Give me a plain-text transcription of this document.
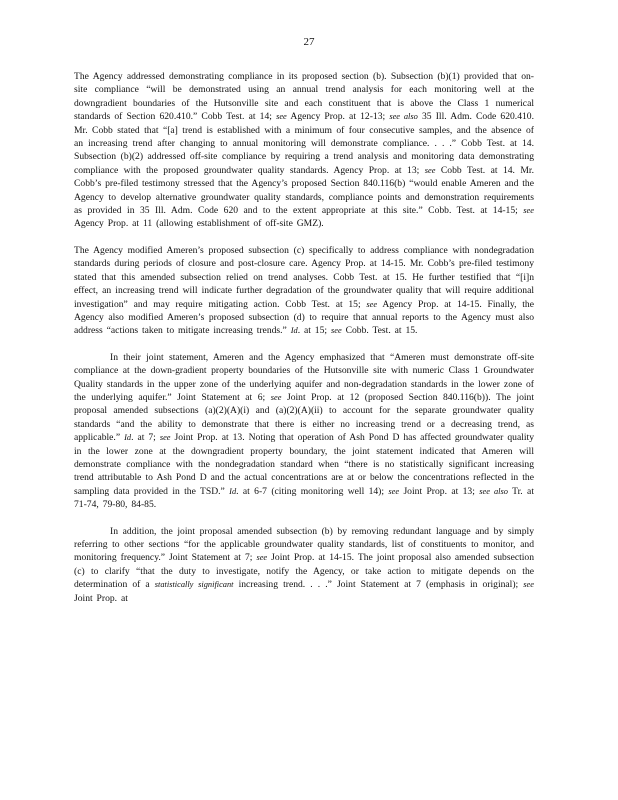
27

The Agency addressed demonstrating compliance in its proposed section (b). Subsection (b)(1) provided that on-site compliance “will be demonstrated using an annual trend analysis for each monitoring well at the downgradient boundaries of the Hutsonville site and each constituent that is above the Class 1 numerical standards of Section 620.410.” Cobb Test. at 14; see Agency Prop. at 12-13; see also 35 Ill. Adm. Code 620.410. Mr. Cobb stated that “[a] trend is established with a minimum of four consecutive samples, and the absence of an increasing trend after changing to annual monitoring will demonstrate compliance. . . .” Cobb Test. at 14. Subsection (b)(2) addressed off-site compliance by requiring a trend analysis and monitoring data demonstrating compliance with the proposed groundwater quality standards. Agency Prop. at 13; see Cobb Test. at 14. Mr. Cobb’s pre-filed testimony stressed that the Agency’s proposed Section 840.116(b) “would enable Ameren and the Agency to develop alternative groundwater quality standards, compliance points and demonstration requirements as provided in 35 Ill. Adm. Code 620 and to the extent appropriate at this site.” Cobb. Test. at 14-15; see Agency Prop. at 11 (allowing establishment of off-site GMZ).

The Agency modified Ameren’s proposed subsection (c) specifically to address compliance with nondegradation standards during periods of closure and post-closure care. Agency Prop. at 14-15. Mr. Cobb’s pre-filed testimony stated that this amended subsection relied on trend analyses. Cobb Test. at 15. He further testified that “[i]n effect, an increasing trend will indicate further degradation of the groundwater quality that will require additional investigation” and may require mitigating action. Cobb Test. at 15; see Agency Prop. at 14-15. Finally, the Agency also modified Ameren’s proposed subsection (d) to require that annual reports to the Agency must also address “actions taken to mitigate increasing trends.” Id. at 15; see Cobb. Test. at 15.

In their joint statement, Ameren and the Agency emphasized that “Ameren must demonstrate off-site compliance at the down-gradient property boundaries of the Hutsonville site with numeric Class 1 Groundwater Quality standards in the upper zone of the underlying aquifer and non-degradation standards in the lower zone of the underlying aquifer.” Joint Statement at 6; see Joint Prop. at 12 (proposed Section 840.116(b)). The joint proposal amended subsections (a)(2)(A)(i) and (a)(2)(A)(ii) to account for the separate groundwater quality standards “and the ability to demonstrate that there is either no increasing trend or a decreasing trend, as applicable.” Id. at 7; see Joint Prop. at 13. Noting that operation of Ash Pond D has affected groundwater quality in the lower zone at the downgradient property boundary, the joint statement indicated that Ameren will demonstrate compliance with the nondegradation standard when “there is no statistically significant increasing trend attributable to Ash Pond D and the actual concentrations are at or below the concentrations reflected in the sampling data provided in the TSD.” Id. at 6-7 (citing monitoring well 14); see Joint Prop. at 13; see also Tr. at 71-74, 79-80, 84-85.

In addition, the joint proposal amended subsection (b) by removing redundant language and by simply referring to other sections “for the applicable groundwater quality standards, list of constituents to monitor, and monitoring frequency.” Joint Statement at 7; see Joint Prop. at 14-15. The joint proposal also amended subsection (c) to clarify “that the duty to investigate, notify the Agency, or take action to mitigate depends on the determination of a statistically significant increasing trend. . . .” Joint Statement at 7 (emphasis in original); see Joint Prop. at
